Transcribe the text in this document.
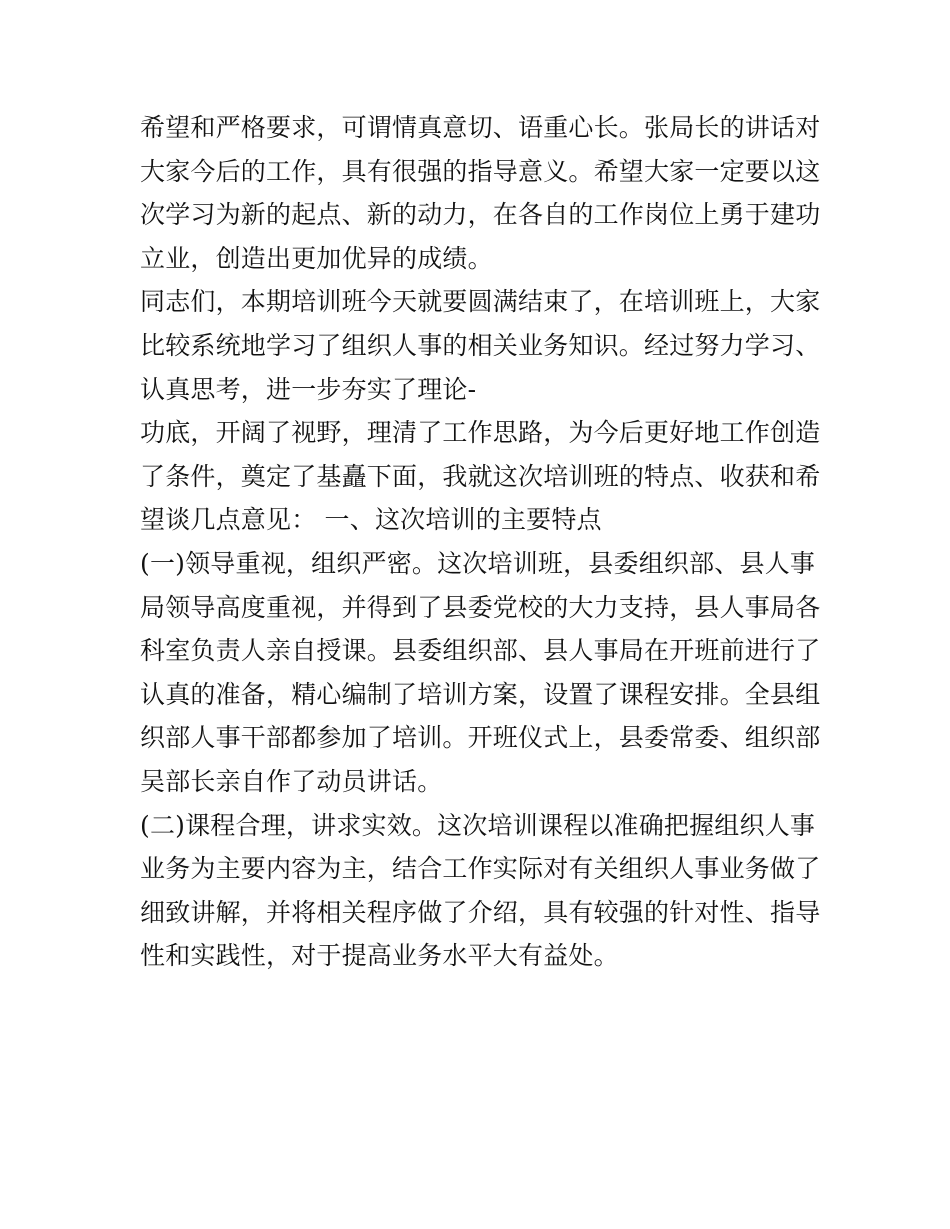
希望和严格要求，可谓情真意切、语重心长。张局长的讲话对
大家今后的工作，具有很强的指导意义。希望大家一定要以这
次学习为新的起点、新的动力，在各自的工作岗位上勇于建功
立业，创造出更加优异的成绩。
同志们，本期培训班今天就要圆满结束了，在培训班上，大家
比较系统地学习了组织人事的相关业务知识。经过努力学习、
认真思考，进一步夯实了理论-
功底，开阔了视野，理清了工作思路，为今后更好地工作创造
了条件，奠定了基矗下面，我就这次培训班的特点、收获和希
望谈几点意见： 一、这次培训的主要特点
(一)领导重视，组织严密。这次培训班，县委组织部、县人事
局领导高度重视，并得到了县委党校的大力支持，县人事局各
科室负责人亲自授课。县委组织部、县人事局在开班前进行了
认真的准备，精心编制了培训方案，设置了课程安排。全县组
织部人事干部都参加了培训。开班仪式上，县委常委、组织部
吴部长亲自作了动员讲话。
(二)课程合理，讲求实效。这次培训课程以准确把握组织人事
业务为主要内容为主，结合工作实际对有关组织人事业务做了
细致讲解，并将相关程序做了介绍，具有较强的针对性、指导
性和实践性，对于提高业务水平大有益处。
